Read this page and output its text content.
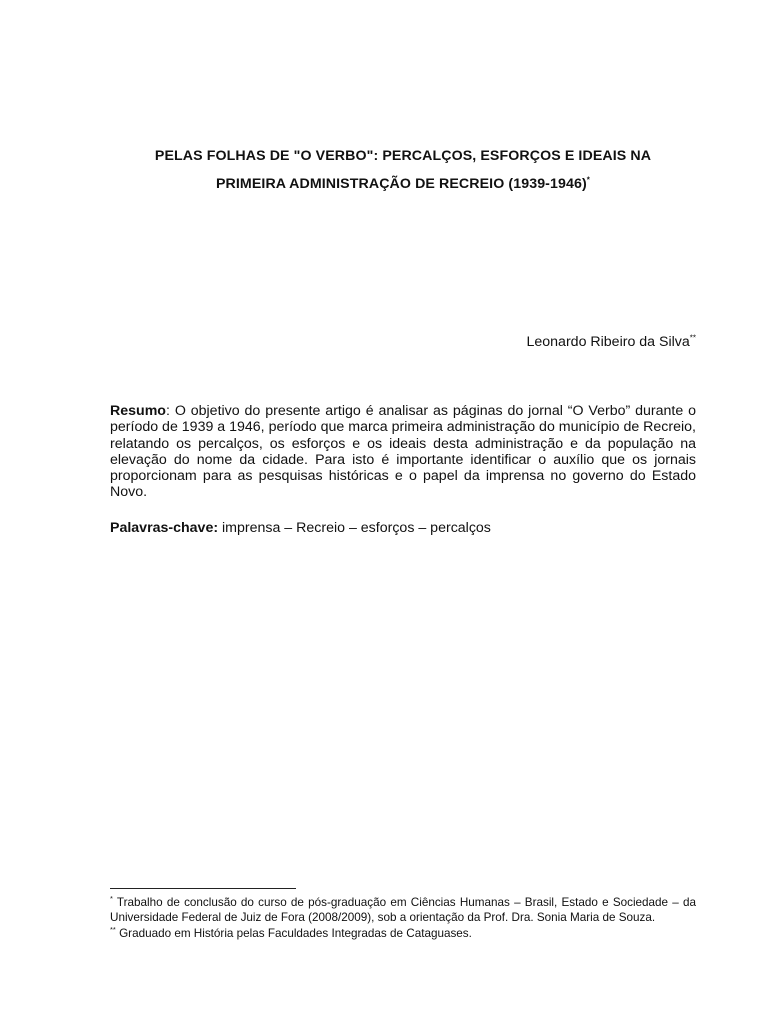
PELAS FOLHAS DE "O VERBO": PERCALÇOS, ESFORÇOS E IDEAIS NA
PRIMEIRA ADMINISTRAÇÃO DE RECREIO (1939-1946)*
Leonardo Ribeiro da Silva**
Resumo: O objetivo do presente artigo é analisar as páginas do jornal “O Verbo” durante o período de 1939 a 1946, período que marca primeira administração do município de Recreio, relatando os percalços, os esforços e os ideais desta administração e da população na elevação do nome da cidade. Para isto é importante identificar o auxílio que os jornais proporcionam para as pesquisas históricas e o papel da imprensa no governo do Estado Novo.
Palavras-chave: imprensa – Recreio – esforços – percalços

* Trabalho de conclusão do curso de pós-graduação em Ciências Humanas – Brasil, Estado e Sociedade – da Universidade Federal de Juiz de Fora (2008/2009), sob a orientação da Prof. Dra. Sonia Maria de Souza.

** Graduado em História pelas Faculdades Integradas de Cataguases.
